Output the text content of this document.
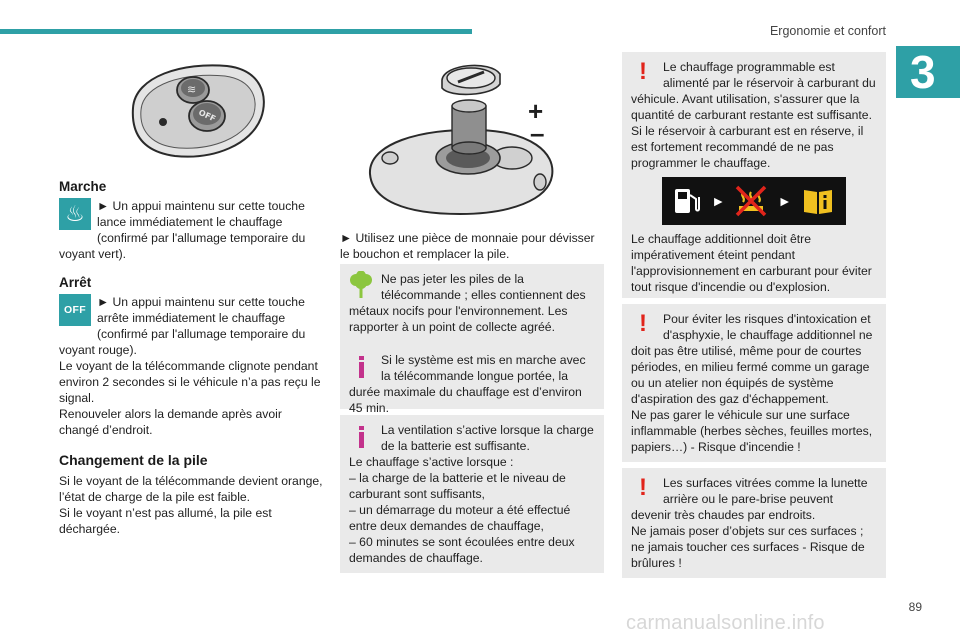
Ergonomie et confort
3
≋
OFF
Marche
♨ ► Un appui maintenu sur cette touche lance immédiatement le chauffage (confirmé par l'allumage temporaire du voyant vert).

Arrêt
OFF

► Un appui maintenu sur cette touche arrête immédiatement le chauffage (confirmé par l'allumage temporaire du voyant rouge).

Le voyant de la télécommande clignote pendant environ 2 secondes si le véhicule n’a pas reçu le signal.

Renouveler alors la demande après avoir changé d’endroit.

Changement de la pile

Si le voyant de la télécommande devient orange, l’état de charge de la pile est faible.

Si le voyant n’est pas allumé, la pile est déchargée.

+
–

► Utilisez une pièce de monnaie pour dévisser le bouchon et remplacer la pile.

Ne pas jeter les piles de la télécommande ; elles contiennent des métaux nocifs pour l'environnement. Les rapporter à un point de collecte agréé.

Si le système est mis en marche avec la télécommande longue portée, la durée maximale du chauffage est d’environ 45 min.

La ventilation s’active lorsque la charge de la batterie est suffisante.

Le chauffage s’active lorsque :

– la charge de la batterie et le niveau de carburant sont suffisants,

– un démarrage du moteur a été effectué entre deux demandes de chauffage,

– 60 minutes se sont écoulées entre deux demandes de chauffage.

!	Le chauffage programmable est alimenté par le réservoir à carburant du véhicule. Avant utilisation, s'assurer que la quantité de carburant restante est suffisante. Si le réservoir à carburant est en réserve, il est fortement recommandé de ne pas programmer le chauffage.

►	►

Le chauffage additionnel doit être impérativement éteint pendant l'approvisionnement en carburant pour éviter tout risque d'incendie ou d'explosion.

!	Pour éviter les risques d'intoxication et d'asphyxie, le chauffage additionnel ne doit pas être utilisé, même pour de courtes périodes, en milieu fermé comme un garage ou un atelier non équipés de système d'aspiration des gaz d'échappement.

Ne pas garer le véhicule sur une surface inflammable (herbes sèches, feuilles mortes, papiers…) - Risque d'incendie !

!	Les surfaces vitrées comme la lunette arrière ou le pare-brise peuvent devenir très chaudes par endroits.

Ne jamais poser d’objets sur ces surfaces ; ne jamais toucher ces surfaces - Risque de brûlures !

89
carmanualsonline.info
